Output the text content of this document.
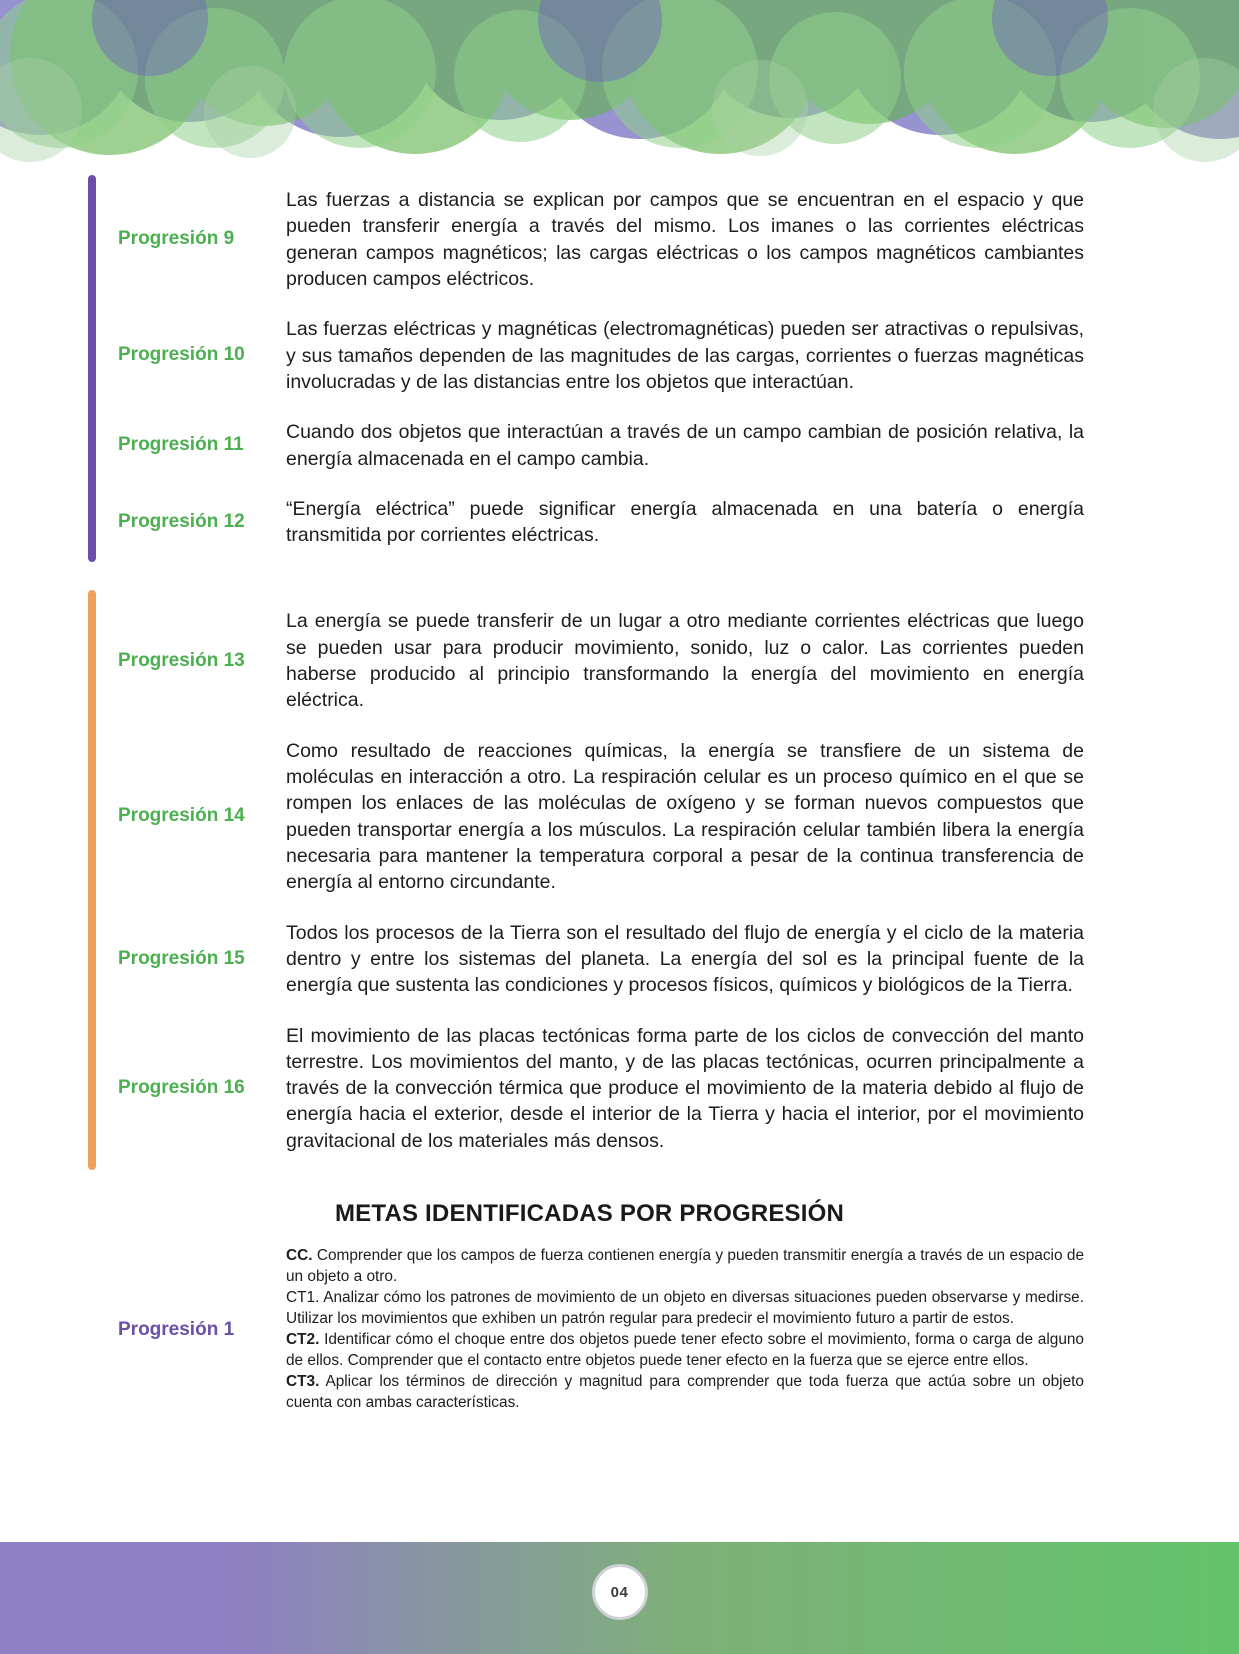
Progresión 9
Las fuerzas a distancia se explican por campos que se encuentran en el espacio y que pueden transferir energía a través del mismo. Los imanes o las corrientes eléctricas generan campos magnéticos; las cargas eléctricas o los campos magnéticos cambiantes producen campos eléctricos.
Progresión 10
Las fuerzas eléctricas y magnéticas (electromagnéticas) pueden ser atractivas o repulsivas, y sus tamaños dependen de las magnitudes de las cargas, corrientes o fuerzas magnéticas involucradas y de las distancias entre los objetos que interactúan.
Progresión 11
Cuando dos objetos que interactúan a través de un campo cambian de posición relativa, la energía almacenada en el campo cambia.
Progresión 12
“Energía eléctrica” puede significar energía almacenada en una batería o energía transmitida por corrientes eléctricas.
Progresión 13
La energía se puede transferir de un lugar a otro mediante corrientes eléctricas que luego se pueden usar para producir movimiento, sonido, luz o calor. Las corrientes pueden haberse producido al principio transformando la energía del movimiento en energía eléctrica.
Progresión 14
Como resultado de reacciones químicas, la energía se transfiere de un sistema de moléculas en interacción a otro. La respiración celular es un proceso químico en el que se rompen los enlaces de las moléculas de oxígeno y se forman nuevos compuestos que pueden transportar energía a los músculos. La respiración celular también libera la energía necesaria para mantener la temperatura corporal a pesar de la continua transferencia de energía al entorno circundante.
Progresión 15
Todos los procesos de la Tierra son el resultado del flujo de energía y el ciclo de la materia dentro y entre los sistemas del planeta. La energía del sol es la principal fuente de la energía que sustenta las condiciones y procesos físicos, químicos y biológicos de la Tierra.
Progresión 16
El movimiento de las placas tectónicas forma parte de los ciclos de convección del manto terrestre. Los movimientos del manto, y de las placas tectónicas, ocurren principalmente a través de la convección térmica que produce el movimiento de la materia debido al flujo de energía hacia el exterior, desde el interior de la Tierra y hacia el interior, por el movimiento gravitacional de los materiales más densos.
METAS IDENTIFICADAS POR PROGRESIÓN
Progresión 1

CC. Comprender que los campos de fuerza contienen energía y pueden transmitir energía a través de un espacio de un objeto a otro.

CT1. Analizar cómo los patrones de movimiento de un objeto en diversas situaciones pueden observarse y medirse. Utilizar los movimientos que exhiben un patrón regular para predecir el movimiento futuro a partir de estos.

CT2. Identificar cómo el choque entre dos objetos puede tener efecto sobre el movimiento, forma o carga de alguno de ellos. Comprender que el contacto entre objetos puede tener efecto en la fuerza que se ejerce entre ellos.

CT3. Aplicar los términos de dirección y magnitud para comprender que toda fuerza que actúa sobre un objeto cuenta con ambas características.

04
